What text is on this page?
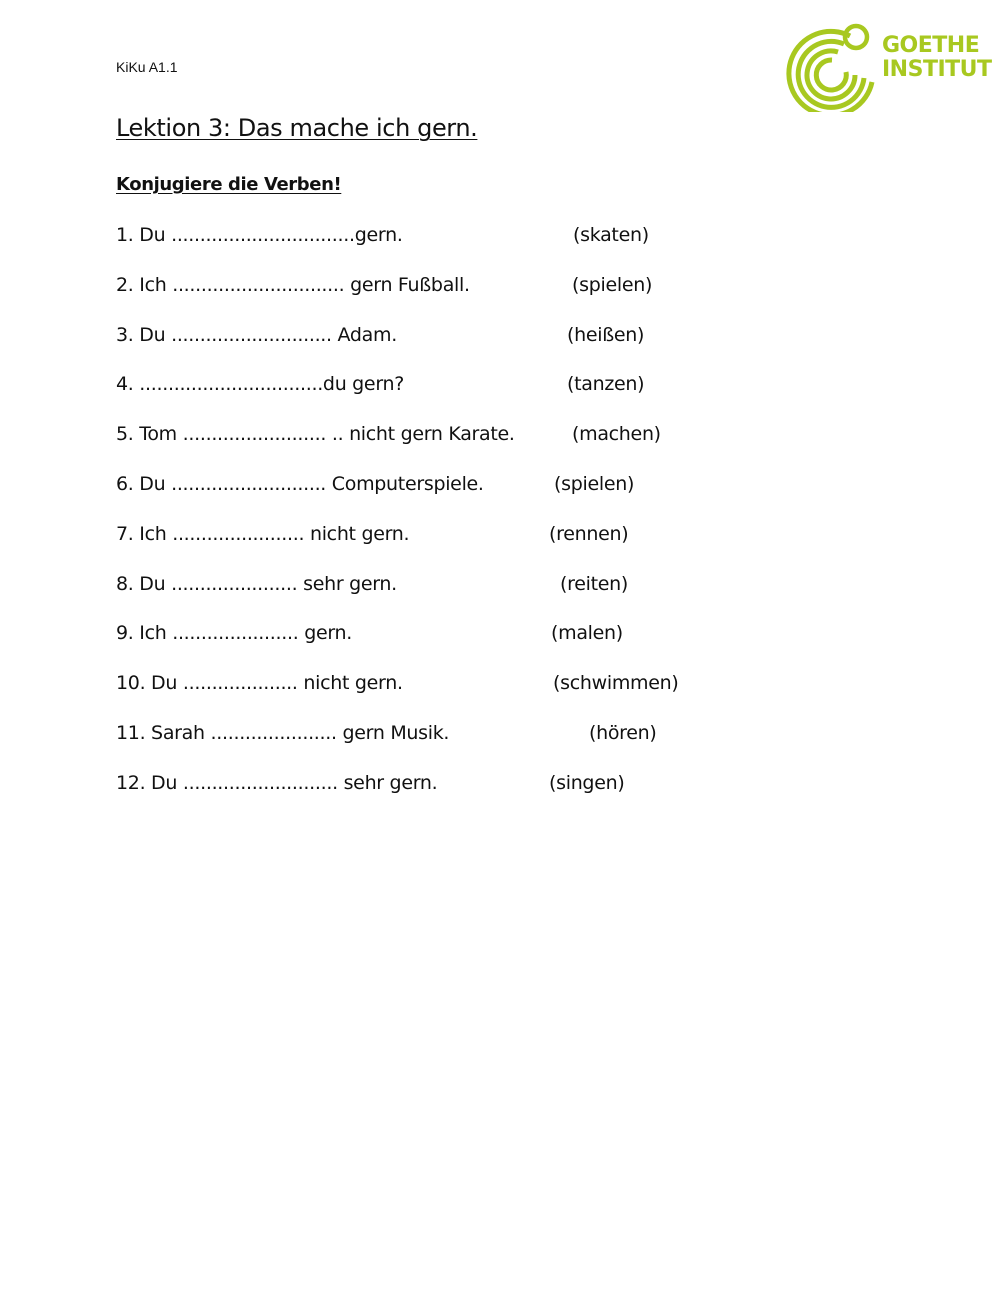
KiKu A1.1
GOETHE
INSTITUT
Lektion 3: Das mache ich gern.
Konjugiere die Verben!

1. Du ................................gern.

	(skaten)

2. Ich .............................. gern Fußball.

	(spielen)

3. Du ............................ Adam.

	(heißen)

4. ................................du gern?

	(tanzen)

5. Tom ......................... .. nicht gern Karate.

	(machen)

6. Du ........................... Computerspiele.

	(spielen)

7. Ich ....................... nicht gern.

	(rennen)

8. Du ...................... sehr gern.

	(reiten)

9. Ich ...................... gern.

	(malen)

10. Du .................... nicht gern.

	(schwimmen)

11. Sarah ...................... gern Musik.

	(hören)

12. Du ........................... sehr gern.

	(singen)
